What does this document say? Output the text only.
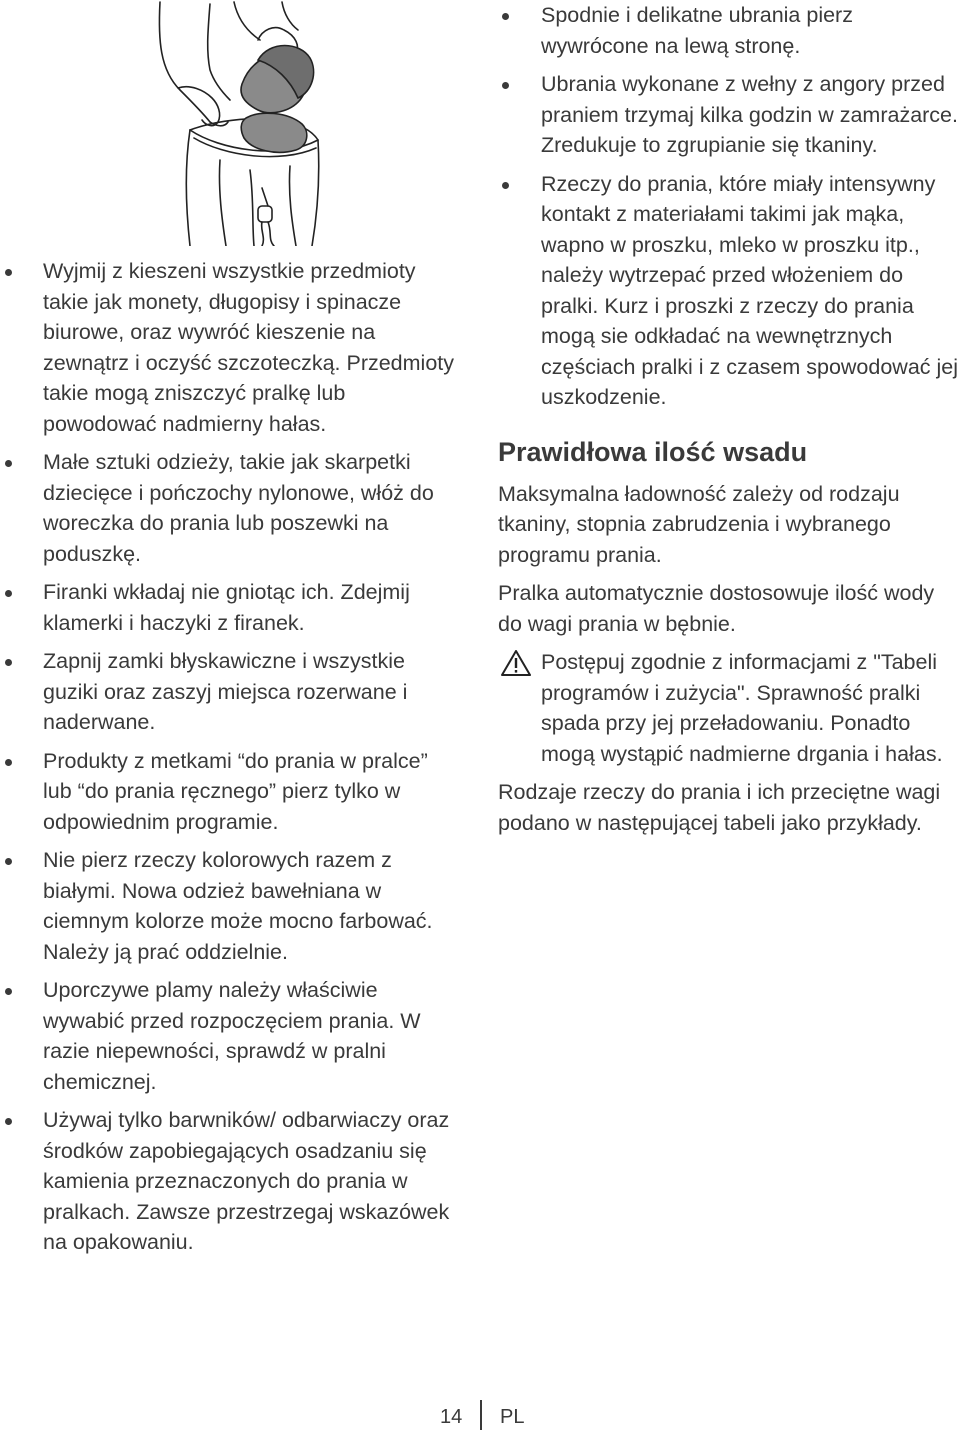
Wyjmij z kieszeni wszystkie przedmioty takie jak monety, długopisy i spinacze biurowe, oraz wywróć kieszenie na zewnątrz i oczyść szczoteczką. Przedmioty takie mogą zniszczyć pralkę lub powodować nadmierny hałas.
Małe sztuki odzieży, takie jak skarpetki dziecięce i pończochy nylonowe, włóż do woreczka do prania lub poszewki na poduszkę.
Firanki wkładaj nie gniotąc ich. Zdejmij klamerki i haczyki z firanek.
Zapnij zamki błyskawiczne i wszystkie guziki oraz zaszyj miejsca rozerwane i naderwane.
Produkty z metkami “do prania w pralce” lub “do prania ręcznego” pierz tylko w odpowiednim programie.
Nie pierz rzeczy kolorowych razem z białymi. Nowa odzież bawełniana w ciemnym kolorze może mocno farbować. Należy ją prać oddzielnie.
Uporczywe plamy należy właściwie wywabić przed rozpoczęciem prania. W razie niepewności, sprawdź w pralni chemicznej.
Używaj tylko barwników/ odbarwiaczy oraz środków zapobiegających osadzaniu się kamienia przeznaczonych do prania w pralkach. Zawsze przestrzegaj wskazówek na opakowaniu.
Spodnie i delikatne ubrania pierz wywrócone na lewą stronę.
Ubrania wykonane z wełny z angory przed praniem trzymaj kilka godzin w zamrażarce. Zredukuje to zgrupianie się tkaniny.
Rzeczy do prania, które miały intensywny kontakt z materiałami takimi jak mąka, wapno w proszku, mleko w proszku itp., należy wytrzepać przed włożeniem do pralki. Kurz i proszki z rzeczy do prania mogą sie odkładać na wewnętrznych częściach pralki i z czasem spowodować jej uszkodzenie.
Prawidłowa ilość wsadu

Maksymalna ładowność zależy od rodzaju tkaniny, stopnia zabrudzenia i wybranego programu prania.

Pralka automatycznie dostosowuje ilość wody do wagi prania w bębnie.

Postępuj zgodnie z informacjami z "Tabeli programów i zużycia". Sprawność pralki spada przy jej przeładowaniu. Ponadto mogą wystąpić nadmierne drgania i hałas.

Rodzaje rzeczy do prania i ich przeciętne wagi podano w następującej tabeli jako przykłady.

14 PL
